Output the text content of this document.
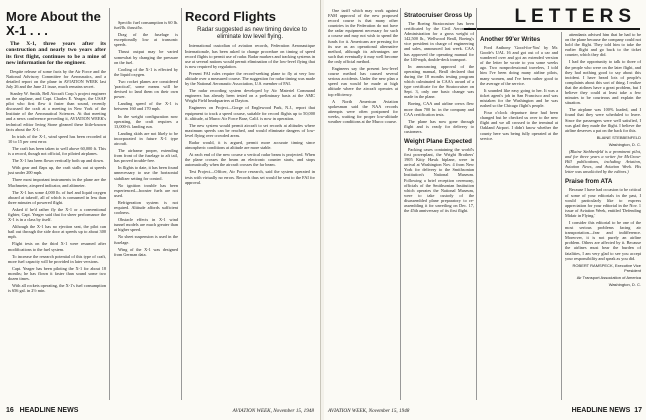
More About the X-1 . . .

The X-1, three years after its construction and nearly two years after its first flight, continues to be a mine of new information for the engineer.

Despite release of some facts by the Air Force and the National Advisory Committee for Aeronautics, and a detailed report on the plane in AVIATION WEEK last July 26 and the June 21 issue, much remains secret.

Stanley W. Smith, Bell Aircraft Corp.'s project engineer on the airplane, and Capt. Charles E. Yeager, the USAF pilot who first flew it faster than sound, recently discussed the craft at a meeting in New York of the Institute of the Aeronautical Sciences. At that meeting and a news conference preceding it, AVIATION WEEK's technical editor Irving Stone gleaned these little-known facts about the X-1:

In trials of the X-1, wind speed has been recorded at 10 to 15 per cent error.

The craft has been taken to well above 60,000 ft. This is a record, though not official, for piloted airplanes.

The X-1 has been flown vertically both up and down.

With gear and flaps up, the craft stalls out at speeds just under 200 mph.

Three most important instruments in the plane are the Machmeter, airspeed indicator, and altimeter.

The X-1 has some 4,000 lb. of fuel and liquid oxygen aboard at takeoff, all of which is consumed in less than three minutes of powered flight.

Asked if he'd rather fly the X-1 or a conventional fighter, Capt. Yeager said that for sheer performance the X-1 is in a class by itself.

Although the X-1 has no ejection seat, the pilot can bail out through the side door at speeds up to about 300 mph.

Flight tests on the third X-1 were resumed after modifications to the fuel system.

To increase the research potential of this type of craft, more fuel capacity will be provided in later versions.

Capt. Yeager has been piloting the X-1 for about 18 months; he has flown it faster than sound some two dozen times.

With all rockets operating, the X-1's fuel consumption is 656 gal. in 2½ min.

Specific fuel consumption is 60 lb. fuel/lb. thrust/hr.

Drag of the fuselage is exceptionally low at transonic speeds.

Thrust output may be varied somewhat by changing the pressure on the fuel.

Cooling of the X-1 is effected by the liquid oxygen.

Two rocket planes are considered 'practical', some means will be devised to land them on their own power.

Landing speed of the X-1 is between 160 and 170 mph.

In the weight configuration now operating, the craft requires a 13,000-ft. landing run.

Landing skids are not likely to be incorporated in future X-1 type aircraft.

The airframe proper, extending from front of the fuselage to aft tail, has proved trouble-free.

In flights to date, it has been found unnecessary to use the horizontal stabilizer setting for control.

No ignition trouble has been experienced—booster fuels are not used.

Refrigeration system is not required. Altitude affords sufficient coolness.

Obstacle effects in X-1 wind tunnel models are much greater than at higher speed.

No sheet suspension is used in the fuselage.

Wing of the X-1 was designed from German data.

Record Flights

Radar suggested as new timing device to eliminate low level flying.

International custodian of aviation records, Federation Aeronautique Internationale, has been asked to change procedure on timing of speed record flights to permit use of radar. Radar markers and tracking systems in use at several nations would permit elimination of the low-level flying that is now required by regulation.

Present FAI rules require the record-seeking plane to fly at very low altitude over a measured course. The suggestion for radar timing was made by the National Aeronautic Association, U.S. member of FAI.

The radar recording system developed by Air Materiel Command engineers has already been tested on a preliminary basis at the AMC Wright Field headquarters at Dayton.

Engineers on Project—Gorge of Englewood Park, N.J., report that equipment to track a speed course, suitable for record flights up to 50,000 ft. altitude, at Muroc Air Force Base, Calif. is now in operation.

The new system would permit aircraft to set records at altitudes where maximum speeds can be reached, and would eliminate dangers of low-level flying over crowded areas.

Radar would, it is argued, permit more accurate timing since atmospheric conditions at altitude are more stable.

At each end of the new course a vertical radar beam is projected. When the plane crosses the beam an electronic counter starts, and stops automatically when the aircraft crosses the far beam.

Test Project—Officer, Air Force research, said the system operated in tests with virtually no errors. Records thus set would be sent to the FAI for approval.

16 HEADLINE NEWS	AVIATION WEEK, November 15, 1948
LETTERS

One tariff which may work against FAM approval of the new proposed record course is that many other countries in the Federation do not have the radar equipment necessary for such a course and may not wish to spend the funds for it. Americans are pressing for its use as an operational alternative method, although its advantages are such that eventually it may well become the only official method.

Engineers say the present low-level course method has caused several serious accidents. Under the new plan a speed run would be made at high altitude where the aircraft operates at top efficiency.

A North American Aviation spokesman said the NAA records attempts were often postponed for weeks, waiting for proper low-altitude weather conditions at the Muroc course.

Stratocruiser Gross Up

The Boeing Stratocruiser has been certificated by the Civil Aeronautics Administration for a gross weight of 142,500 lb., Wellwood Beall, Boeing's vice president in charge of engineering and sales, announced last week. CAA has approved the operating manual for the 140-mph, double-deck transport.

In announcing approval of the operating manual, Beall declared that during the 18 months testing program which culminated in CAA's award of a type certificate for the Stratocruiser on Sept. 3, only one basic change was made in the plane.

Boeing, CAA and airline crews flew more than 700 hr. in the company and CAA certification tests.

The plane has now gone through flight and is ready for delivery to customers.

Weight Plane Expected

Packing cases containing the world's first powerplant, the Wright Brothers' 1905 Kitty Hawk biplane, were in arrival at Washington Nov. 4 from New York for delivery to the Smithsonian Institution's National Museum. Following a brief reception ceremony, officials of the Smithsonian Institution which operates the National Museum, were to take custody of the disassembled plane preparatory to re-assembling it for unveiling on Dec. 17, the 45th anniversary of its first flight.

Another 99'er Writes

Ford Anthony 'Good-for-You' by Mr. Goode's UAL 16 and got out of a car and wandered over and got an extended version of the letter he wrote to you some weeks ago. Two nonprofessional travelers, I told him I've been doing many airline pilots, many women, and I've been rather good to the average of the service.

It sounded like easy going to her. It was a ticket agent's job in San Francisco and was mistaken for the Washington and he was rushed so the Chicago flight's people.

Four o'clock departure time had been changed but he checked us over to the new flight and we all crossed to the terminal at Oakland Airport. I didn't know whether the county here was being fully operated at the service.

attendants advised him that he had to be on the plane because the company could not hold the flight. They told him to take the earlier flight and go back to the ticket counter, which they did.

I had the opportunity to talk to three of the people who were on the later flight, and they had nothing good to say about this incident. I have heard lots of people's complaints about this sort of thing. I realize that the airlines have a great problem, but I believe they could at least take a few minutes to be courteous and explain the situation.

The airplane was 100% loaded, and I found that they were scheduled to leave. Since the passengers were well satisfied, I was glad they made the flight. I believe the airline deserves a pat on the back for this.

BLAINE STEBBENFELD

Washington, D. C.

(Blaine Stebbenfeld is a prominent pilot, and for three years a writer for McGraw-Hill publications, including Aviation, Aviation News, and Aviation Week. His letter was unsolicited by the editors.)

Praise from ATA

Because I have had occasion to be critical of some of your editorials in the past, I would particularly like to express appreciation for your editorial in the Nov. 1 issue of Aviation Week, entitled 'Defending Midair in Flying.'

I consider this editorial to be one of the most serious problems facing air transportation—fear and indifference. Moreover, it is not purely an airline problem. Others are affected by it. Because the airlines must bear the burden of fatalities, I am very glad to see you accept your responsibility and speak as you did.

ROBERT RAMSPECK, Executive Vice President

Air Transport Association of America

Washington, D. C.

AVIATION WEEK, November 15, 1948	HEADLINE NEWS 17
